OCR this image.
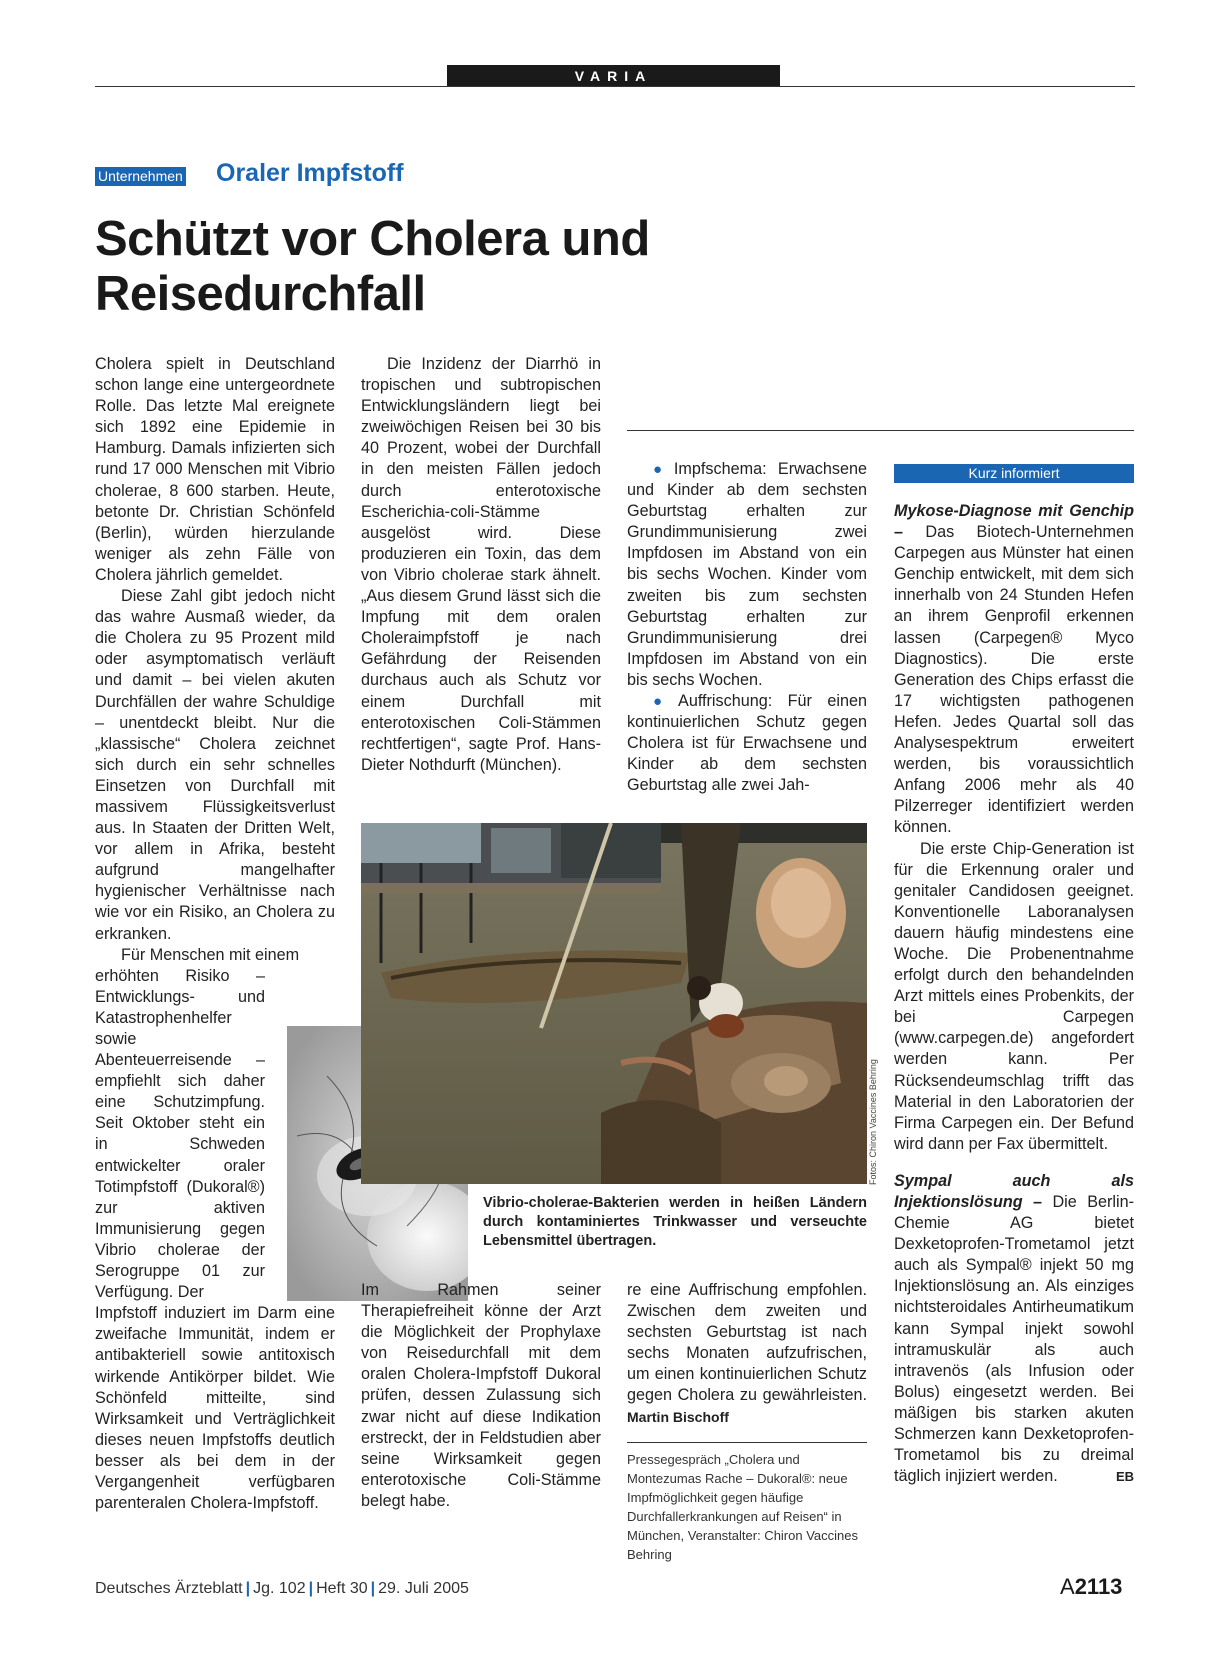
VARIA
Unternehmen Oraler Impfstoff
Schützt vor Cholera und
Reisedurchfall

Cholera spielt in Deutschland schon lange eine untergeordnete Rolle. Das letzte Mal ereignete sich 1892 eine Epidemie in Hamburg. Damals infizierten sich rund 17 000 Menschen mit Vibrio cholerae, 8 600 starben. Heute, betonte Dr. Christian Schönfeld (Berlin), würden hierzulande weniger als zehn Fälle von Cholera jährlich gemeldet.

Diese Zahl gibt jedoch nicht das wahre Ausmaß wieder, da die Cholera zu 95 Prozent mild oder asymptomatisch verläuft und damit – bei vielen akuten Durchfällen der wahre Schuldige – unentdeckt bleibt. Nur die „klassische“ Cholera zeichnet sich durch ein sehr schnelles Einsetzen von Durchfall mit massivem Flüssigkeitsverlust aus. In Staaten der Dritten Welt, vor allem in Afrika, besteht aufgrund mangelhafter hygienischer Verhältnisse nach wie vor ein Risiko, an Cholera zu erkranken.

Für Menschen mit einem

erhöhten Risiko – Entwicklungs- und Katastrophenhelfer sowie Abenteuerreisende – empfiehlt sich daher eine Schutzimpfung. Seit Oktober steht ein in Schweden entwickelter oraler Totimpfstoff (Dukoral®) zur aktiven Immunisierung gegen Vibrio cholerae der Serogruppe 01 zur Verfügung. Der

Impfstoff induziert im Darm eine zweifache Immunität, indem er antibakteriell sowie antitoxisch wirkende Antikörper bildet. Wie Schönfeld mitteilte, sind Wirksamkeit und Verträglichkeit dieses neuen Impfstoffs deutlich besser als bei dem in der Vergangenheit verfügbaren parenteralen Cholera-Impfstoff.

Die Inzidenz der Diarrhö in tropischen und subtropischen Entwicklungsländern liegt bei zweiwöchigen Reisen bei 30 bis 40 Prozent, wobei der Durchfall in den meisten Fällen jedoch durch enterotoxische Escherichia-coli-Stämme ausgelöst wird. Diese produzieren ein Toxin, das dem von Vibrio cholerae stark ähnelt. „Aus diesem Grund lässt sich die Impfung mit dem oralen Choleraimpfstoff je nach Gefährdung der Reisenden durchaus auch als Schutz vor einem Durchfall mit enterotoxischen Coli-Stämmen rechtfertigen“, sagte Prof. Hans-Dieter Nothdurft (München).

● Impfschema: Erwachsene und Kinder ab dem sechsten Geburtstag erhalten zur Grundimmunisierung zwei Impfdosen im Abstand von ein bis sechs Wochen. Kinder vom zweiten bis zum sechsten Geburtstag erhalten zur Grundimmunisierung drei Impfdosen im Abstand von ein bis sechs Wochen.

● Auffrischung: Für einen kontinuierlichen Schutz gegen Cholera ist für Erwachsene und Kinder ab dem sechsten Geburtstag alle zwei Jah-

Fotos: Chiron Vaccines Behring
Vibrio-cholerae-Bakterien werden in heißen Ländern durch kontaminiertes Trinkwasser und verseuchte Lebensmittel übertragen.

Im Rahmen seiner Therapiefreiheit könne der Arzt die Möglichkeit der Prophylaxe von Reisedurchfall mit dem oralen Cholera-Impfstoff Dukoral prüfen, dessen Zulassung sich zwar nicht auf diese Indikation erstreckt, der in Feldstudien aber seine Wirksamkeit gegen enterotoxische Coli-Stämme belegt habe.

re eine Auffrischung empfohlen. Zwischen dem zweiten und sechsten Geburtstag ist nach sechs Monaten aufzufrischen, um einen kontinuierlichen Schutz gegen Cholera zu gewährleisten. Martin Bischoff

Pressegespräch „Cholera und Montezumas Rache – Dukoral®: neue Impfmöglichkeit gegen häufige Durchfallerkrankungen auf Reisen“ in München, Veranstalter: Chiron Vaccines Behring
Kurz informiert

Mykose-Diagnose mit Genchip – Das Biotech-Unternehmen Carpegen aus Münster hat einen Genchip entwickelt, mit dem sich innerhalb von 24 Stunden Hefen an ihrem Genprofil erkennen lassen (Carpegen® Myco Diagnostics). Die erste Generation des Chips erfasst die 17 wichtigsten pathogenen Hefen. Jedes Quartal soll das Analysespektrum erweitert werden, bis voraussichtlich Anfang 2006 mehr als 40 Pilzerreger identifiziert werden können.

Die erste Chip-Generation ist für die Erkennung oraler und genitaler Candidosen geeignet. Konventionelle Laboranalysen dauern häufig mindestens eine Woche. Die Probenentnahme erfolgt durch den behandelnden Arzt mittels eines Probenkits, der bei Carpegen (www.carpegen.de) angefordert werden kann. Per Rücksendeumschlag trifft das Material in den Laboratorien der Firma Carpegen ein. Der Befund wird dann per Fax übermittelt.

Sympal auch als Injektionslösung – Die Berlin-Chemie AG bietet Dexketoprofen-Trometamol jetzt auch als Sympal® injekt 50 mg Injektionslösung an. Als einziges nichtsteroidales Antirheumatikum kann Sympal injekt sowohl intramuskulär als auch intravenös (als Infusion oder Bolus) eingesetzt werden. Bei mäßigen bis starken akuten Schmerzen kann Dexketoprofen-Trometamol bis zu dreimal täglich injiziert werden.	EB

Deutsches Ärzteblatt | Jg. 102 | Heft 30 | 29. Juli 2005	A2113
